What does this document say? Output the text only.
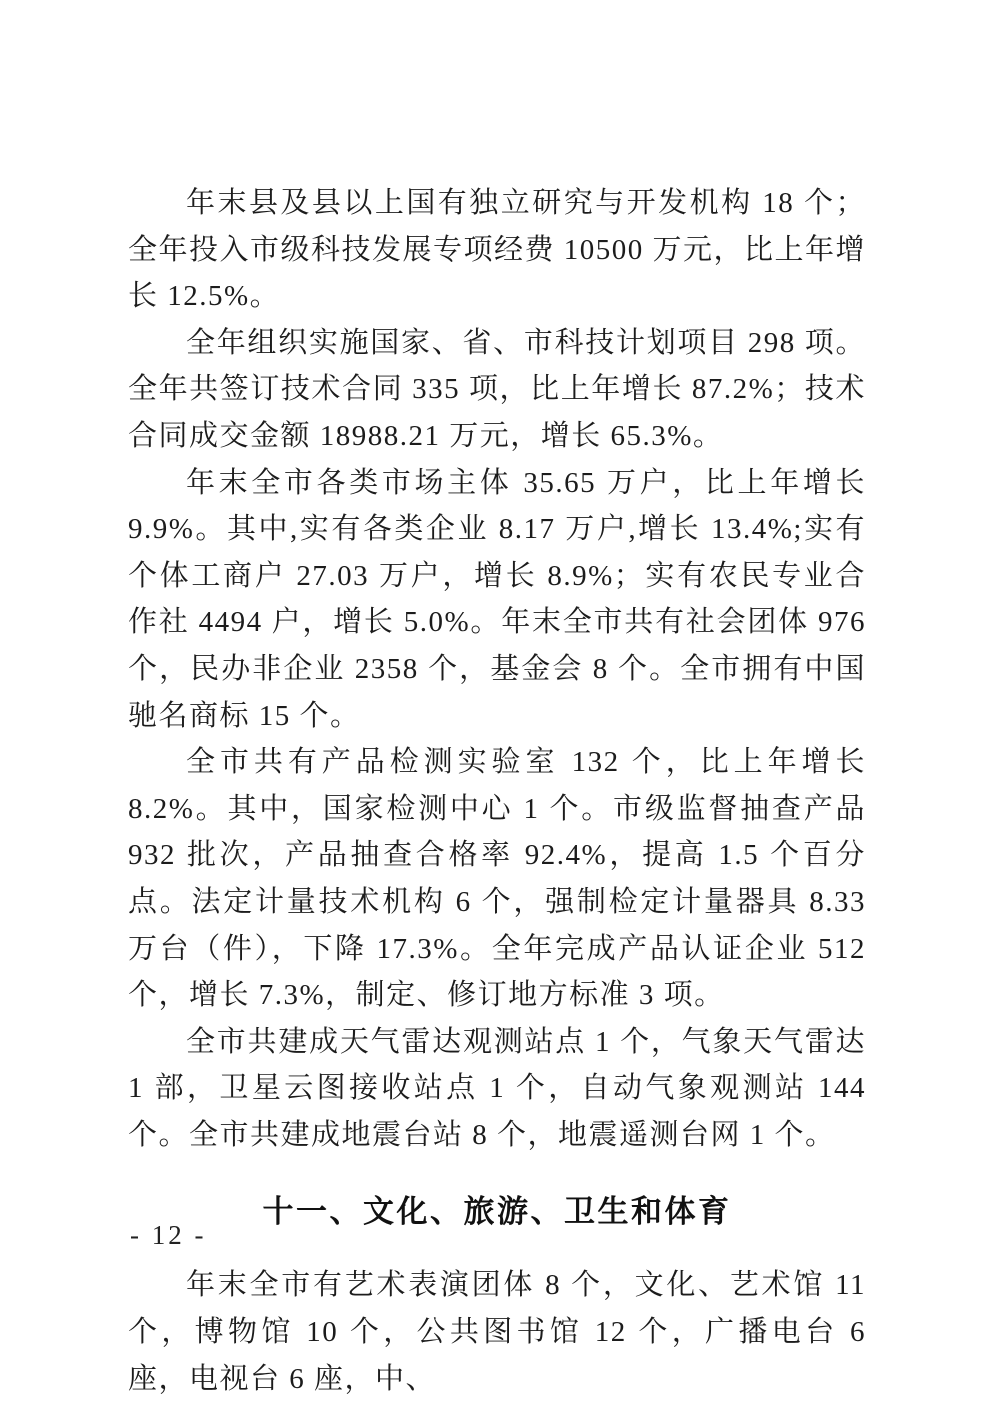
年末县及县以上国有独立研究与开发机构 18 个；全年投入市级科技发展专项经费 10500 万元，比上年增长 12.5%。

全年组织实施国家、省、市科技计划项目 298 项。全年共签订技术合同 335 项，比上年增长 87.2%；技术合同成交金额 18988.21 万元，增长 65.3%。

年末全市各类市场主体 35.65 万户，比上年增长 9.9%。其中,实有各类企业 8.17 万户,增长 13.4%;实有个体工商户 27.03 万户，增长 8.9%；实有农民专业合作社 4494 户，增长 5.0%。年末全市共有社会团体 976 个，民办非企业 2358 个，基金会 8 个。全市拥有中国驰名商标 15 个。

全市共有产品检测实验室 132 个，比上年增长 8.2%。其中，国家检测中心 1 个。市级监督抽查产品 932 批次，产品抽查合格率 92.4%，提高 1.5 个百分点。法定计量技术机构 6 个，强制检定计量器具 8.33 万台（件），下降 17.3%。全年完成产品认证企业 512 个，增长 7.3%，制定、修订地方标准 3 项。

全市共建成天气雷达观测站点 1 个，气象天气雷达 1 部，卫星云图接收站点 1 个，自动气象观测站 144 个。全市共建成地震台站 8 个，地震遥测台网 1 个。

十一、文化、旅游、卫生和体育

年末全市有艺术表演团体 8 个，文化、艺术馆 11 个，博物馆 10 个，公共图书馆 12 个，广播电台 6 座，电视台 6 座，中、

- 12 -
